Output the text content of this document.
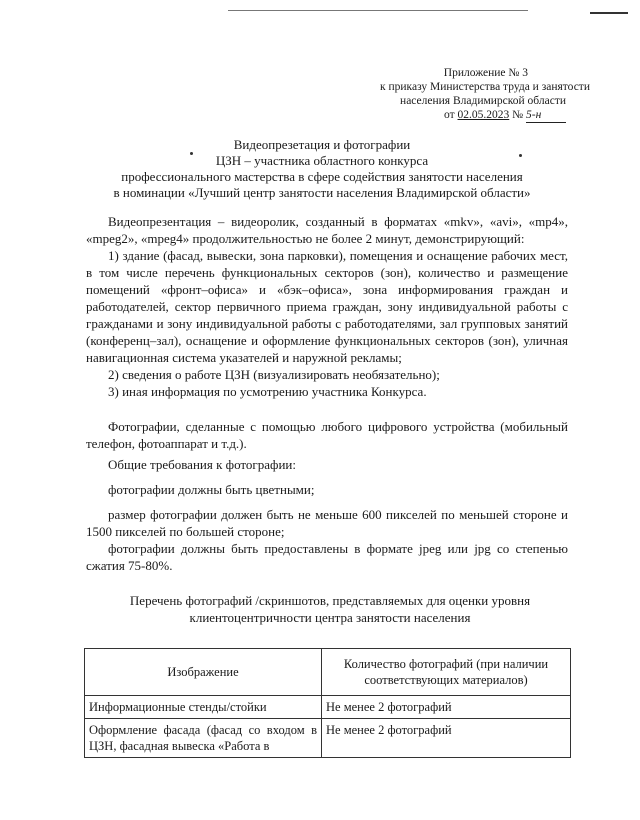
Приложение № 3
к приказу Министерства труда и занятости
населения Владимирской области
от 02.05.2023 № 5-н
Видеопрезетация и фотографии
ЦЗН – участника областного конкурса
профессионального мастерства в сфере содействия занятости населения
в номинации «Лучший центр занятости населения Владимирской области»

Видеопрезентация – видеоролик, созданный в форматах «mkv», «avi», «mp4», «mpeg2», «mpeg4» продолжительностью не более 2 минут, демонстрирующий:

1) здание (фасад, вывески, зона парковки), помещения и оснащение рабочих мест, в том числе перечень функциональных секторов (зон), количество и размещение помещений «фронт–офиса» и «бэк–офиса», зона информирования граждан и работодателей, сектор первичного приема граждан, зону индивидуальной работы с гражданами и зону индивидуальной работы с работодателями, зал групповых занятий (конференц–зал), оснащение и оформление функциональных секторов (зон), уличная навигационная система указателей и наружной рекламы;

2) сведения о работе ЦЗН (визуализировать необязательно);

3) иная информация по усмотрению участника Конкурса.

Фотографии, сделанные с помощью любого цифрового устройства (мобильный телефон, фотоаппарат и т.д.).

Общие требования к фотографии:

фотографии должны быть цветными;

размер фотографии должен быть не меньше 600 пикселей по меньшей стороне и 1500 пикселей по большей стороне;

фотографии должны быть предоставлены в формате jpeg или jpg со степенью сжатия 75-80%.

Перечень фотографий /скриншотов, представляемых для оценки уровня
клиентоцентричности центра занятости населения
Изображение	Количество фотографий (при наличии соответствующих материалов)
Информационные стенды/стойки	Не менее 2 фотографий
Оформление фасада (фасад со входом в ЦЗН, фасадная вывеска «Работа в	Не менее 2 фотографий
